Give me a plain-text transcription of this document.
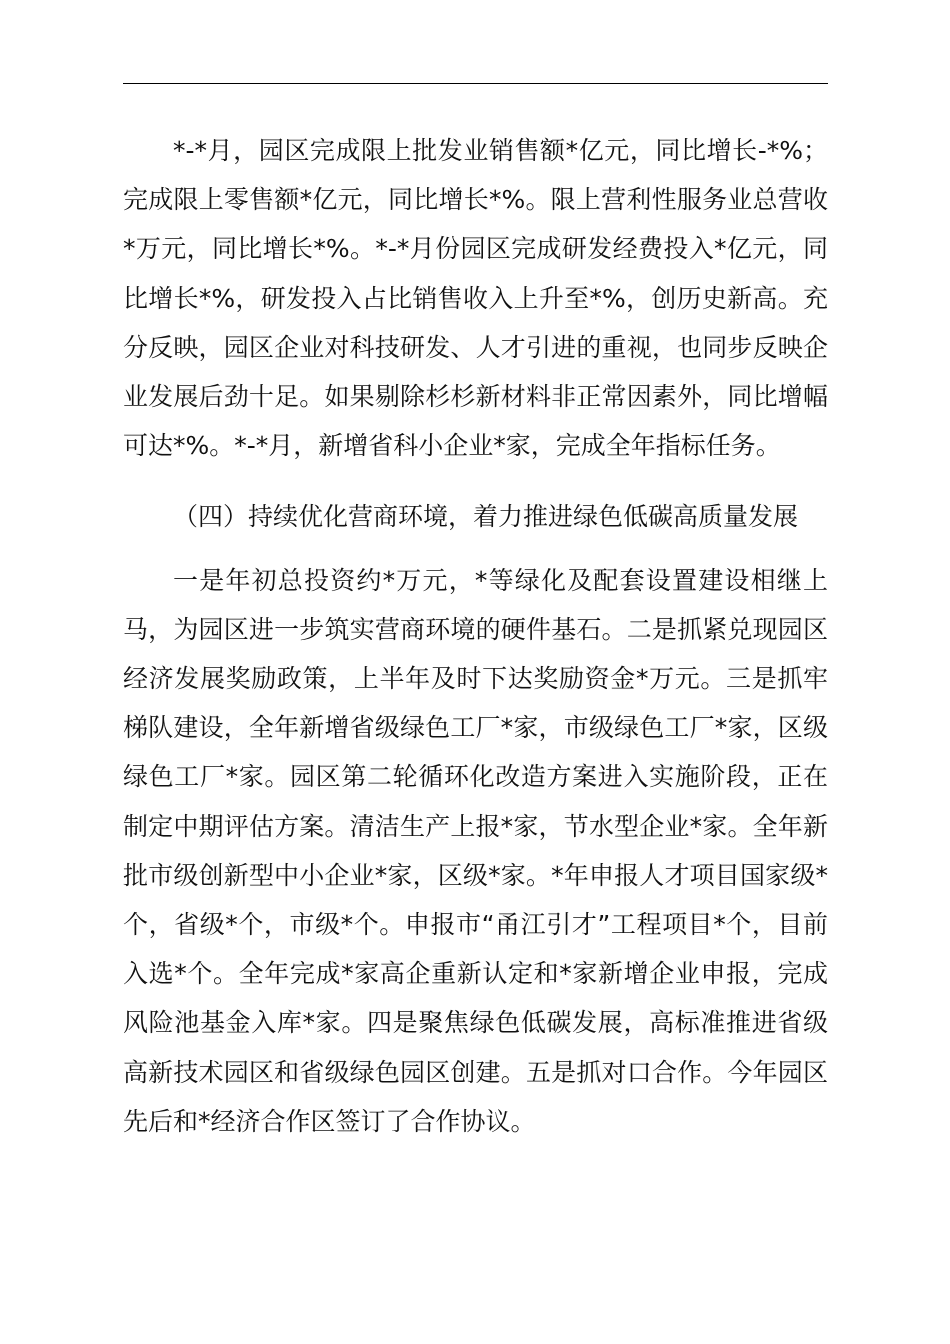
*-*月，园区完成限上批发业销售额*亿元，同比增长-*%；完成限上零售额*亿元，同比增长*%。限上营利性服务业总营收*万元，同比增长*%。*-*月份园区完成研发经费投入*亿元，同比增长*%，研发投入占比销售收入上升至*%，创历史新高。充分反映，园区企业对科技研发、人才引进的重视，也同步反映企业发展后劲十足。如果剔除杉杉新材料非正常因素外，同比增幅可达*%。*-*月，新增省科小企业*家，完成全年指标任务。

（四）持续优化营商环境，着力推进绿色低碳高质量发展

一是年初总投资约*万元，*等绿化及配套设置建设相继上马，为园区进一步筑实营商环境的硬件基石。二是抓紧兑现园区经济发展奖励政策，上半年及时下达奖励资金*万元。三是抓牢梯队建设，全年新增省级绿色工厂*家，市级绿色工厂*家，区级绿色工厂*家。园区第二轮循环化改造方案进入实施阶段，正在制定中期评估方案。清洁生产上报*家，节水型企业*家。全年新批市级创新型中小企业*家，区级*家。*年申报人才项目国家级*个，省级*个，市级*个。申报市“甬江引才”工程项目*个，目前入选*个。全年完成*家高企重新认定和*家新增企业申报，完成风险池基金入库*家。四是聚焦绿色低碳发展，高标准推进省级高新技术园区和省级绿色园区创建。五是抓对口合作。今年园区先后和*经济合作区签订了合作协议。
